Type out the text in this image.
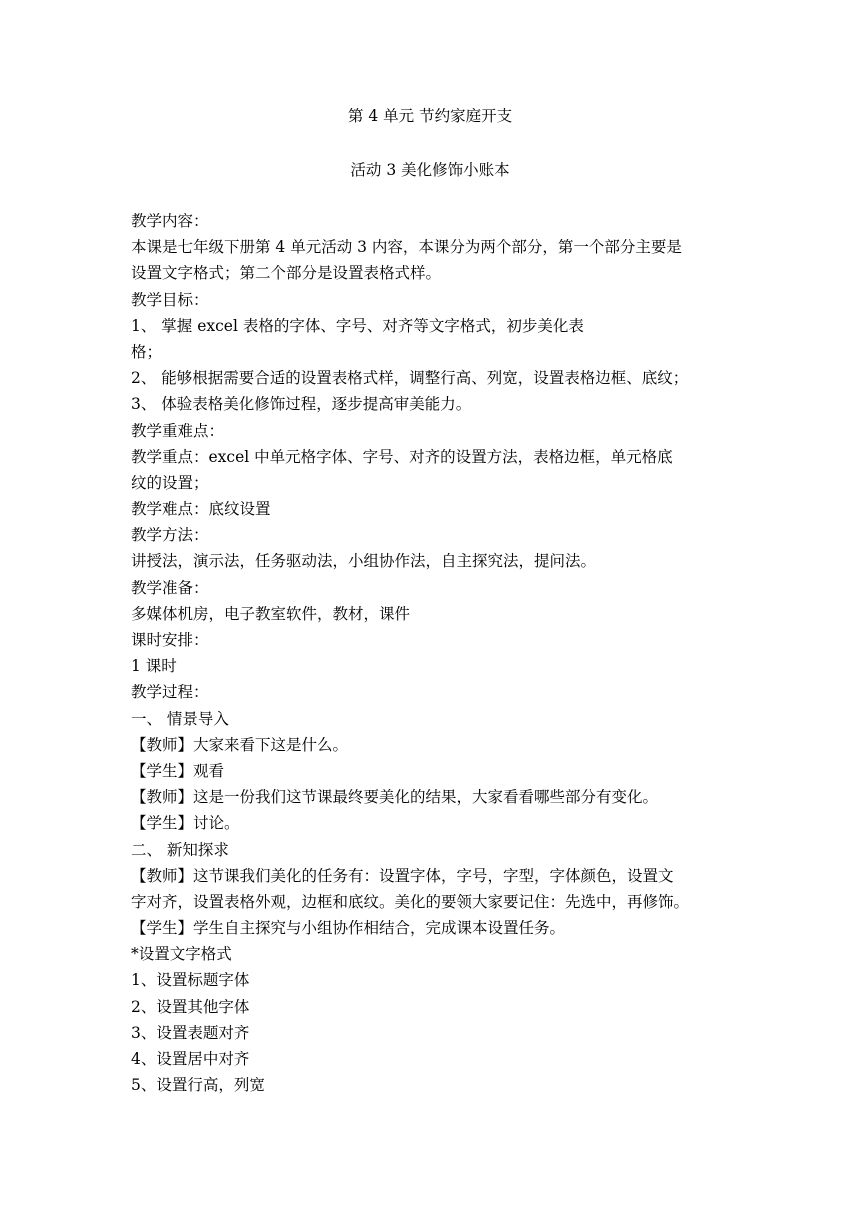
第 4 单元 节约家庭开支
活动 3 美化修饰小账本
教学内容：
本课是七年级下册第 4 单元活动 3 内容，本课分为两个部分，第一个部分主要是
设置文字格式；第二个部分是设置表格式样。
教学目标：
1、 掌握 excel 表格的字体、字号、对齐等文字格式，初步美化表
格；
2、 能够根据需要合适的设置表格式样，调整行高、列宽，设置表格边框、底纹；
3、 体验表格美化修饰过程，逐步提高审美能力。
教学重难点：
教学重点：excel 中单元格字体、字号、对齐的设置方法，表格边框，单元格底
纹的设置；
教学难点：底纹设置
教学方法：
讲授法，演示法，任务驱动法，小组协作法，自主探究法，提问法。
教学准备：
多媒体机房，电子教室软件，教材，课件
课时安排：
1 课时
教学过程：
一、 情景导入
【教师】大家来看下这是什么。
【学生】观看
【教师】这是一份我们这节课最终要美化的结果，大家看看哪些部分有变化。
【学生】讨论。
二、 新知探求
【教师】这节课我们美化的任务有：设置字体，字号，字型，字体颜色，设置文
字对齐，设置表格外观，边框和底纹。美化的要领大家要记住：先选中，再修饰。
【学生】学生自主探究与小组协作相结合，完成课本设置任务。
*设置文字格式
1、设置标题字体
2、设置其他字体
3、设置表题对齐
4、设置居中对齐
5、设置行高，列宽
